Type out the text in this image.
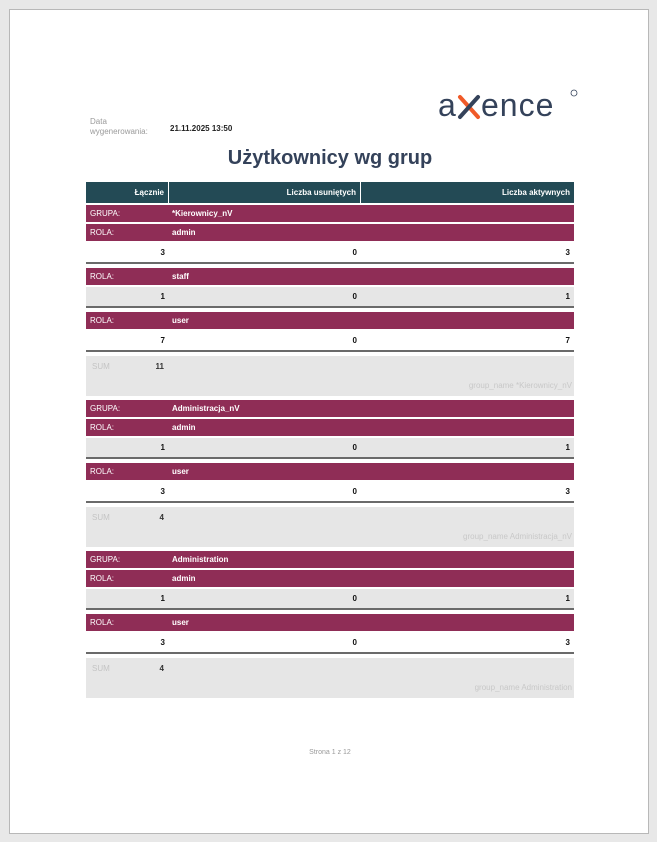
Data wygenerowania:	21.11.2025 13:50
a ence
Użytkownicy wg grup
Łącznie	Liczba usuniętych	Liczba aktywnych
GRUPA:	*Kierownicy_nV
ROLA:	admin
3	0	3
ROLA:	staff
1	0	1
ROLA:	user
7	0	7
SUM	11
group_name *Kierownicy_nV
GRUPA:	Administracja_nV
ROLA:	admin
1	0	1
ROLA:	user
3	0	3
SUM	4
group_name Administracja_nV
GRUPA:	Administration
ROLA:	admin
1	0	1
ROLA:	user
3	0	3
SUM	4
group_name Administration
Strona 1 z 12
